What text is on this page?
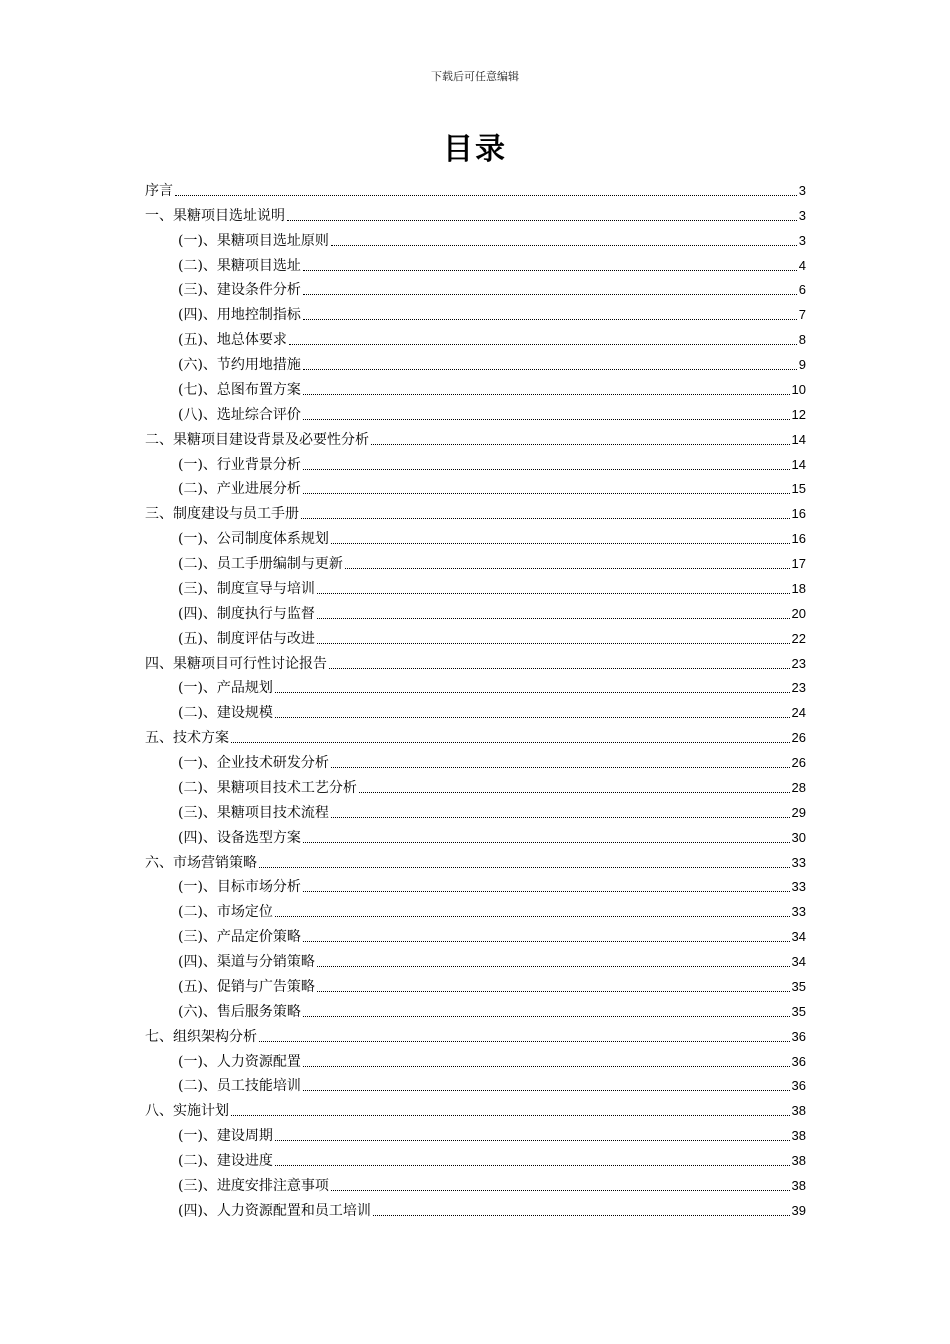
下载后可任意编辑
目录
序言	3
一、果糖项目选址说明	3
(一)、果糖项目选址原则	3
(二)、果糖项目选址	4
(三)、建设条件分析	6
(四)、用地控制指标	7
(五)、地总体要求	8
(六)、节约用地措施	9
(七)、总图布置方案	10
(八)、选址综合评价	12
二、果糖项目建设背景及必要性分析	14
(一)、行业背景分析	14
(二)、产业进展分析	15
三、制度建设与员工手册	16
(一)、公司制度体系规划	16
(二)、员工手册编制与更新	17
(三)、制度宣导与培训	18
(四)、制度执行与监督	20
(五)、制度评估与改进	22
四、果糖项目可行性讨论报告	23
(一)、产品规划	23
(二)、建设规模	24
五、技术方案	26
(一)、企业技术研发分析	26
(二)、果糖项目技术工艺分析	28
(三)、果糖项目技术流程	29
(四)、设备选型方案	30
六、市场营销策略	33
(一)、目标市场分析	33
(二)、市场定位	33
(三)、产品定价策略	34
(四)、渠道与分销策略	34
(五)、促销与广告策略	35
(六)、售后服务策略	35
七、组织架构分析	36
(一)、人力资源配置	36
(二)、员工技能培训	36
八、实施计划	38
(一)、建设周期	38
(二)、建设进度	38
(三)、进度安排注意事项	38
(四)、人力资源配置和员工培训	39
